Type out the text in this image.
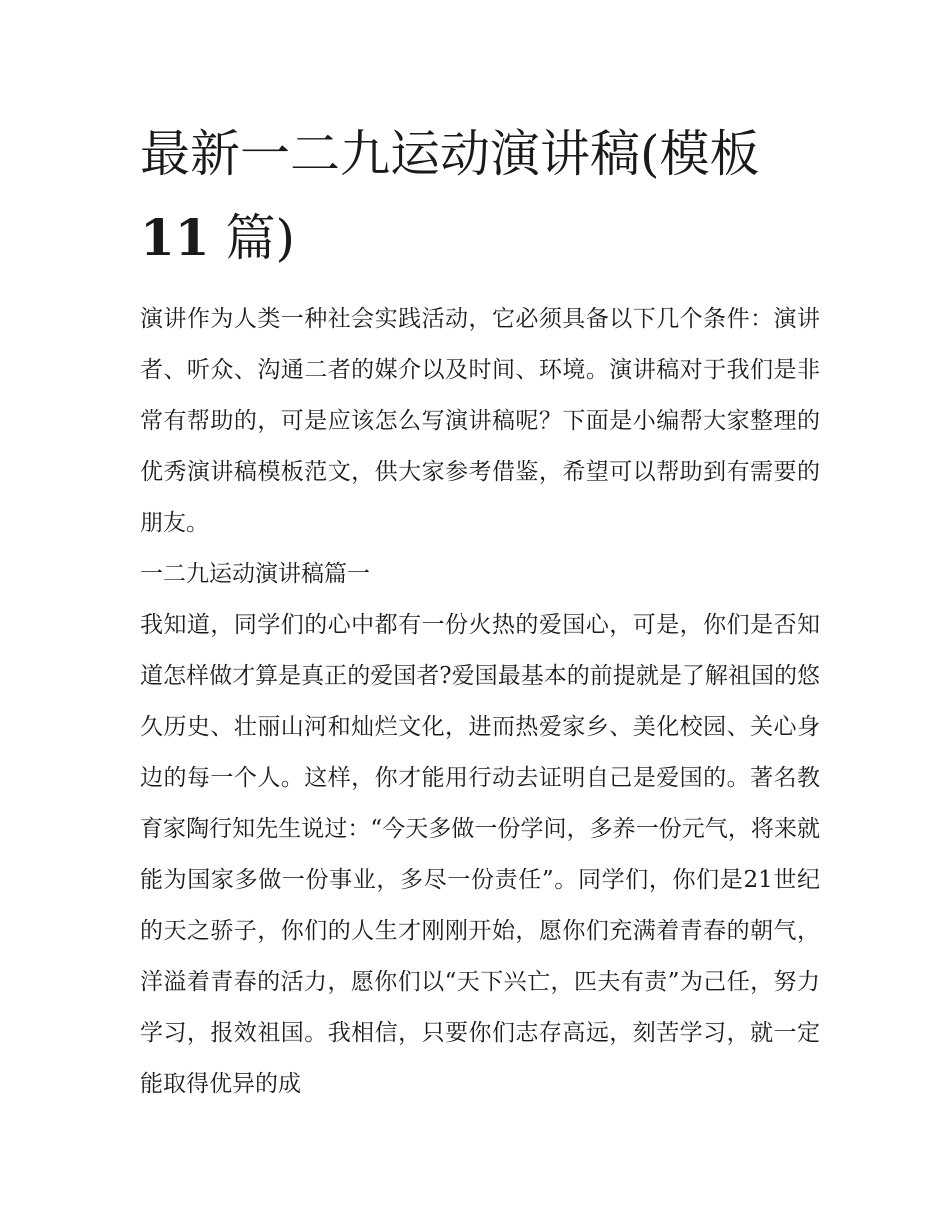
最新一二九运动演讲稿(模板
11 篇)

演讲作为人类一种社会实践活动，它必须具备以下几个条件：演讲者、听众、沟通二者的媒介以及时间、环境。演讲稿对于我们是非常有帮助的，可是应该怎么写演讲稿呢？下面是小编帮大家整理的优秀演讲稿模板范文，供大家参考借鉴，希望可以帮助到有需要的朋友。

一二九运动演讲稿篇一

我知道，同学们的心中都有一份火热的爱国心，可是，你们是否知道怎样做才算是真正的爱国者?爱国最基本的前提就是了解祖国的悠久历史、壮丽山河和灿烂文化，进而热爱家乡、美化校园、关心身边的每一个人。这样，你才能用行动去证明自己是爱国的。著名教育家陶行知先生说过：“今天多做一份学问，多养一份元气，将来就能为国家多做一份事业，多尽一份责任”。同学们，你们是21世纪的天之骄子，你们的人生才刚刚开始，愿你们充满着青春的朝气，洋溢着青春的活力，愿你们以“天下兴亡，匹夫有责”为己任，努力学习，报效祖国。我相信，只要你们志存高远，刻苦学习，就一定能取得优异的成
